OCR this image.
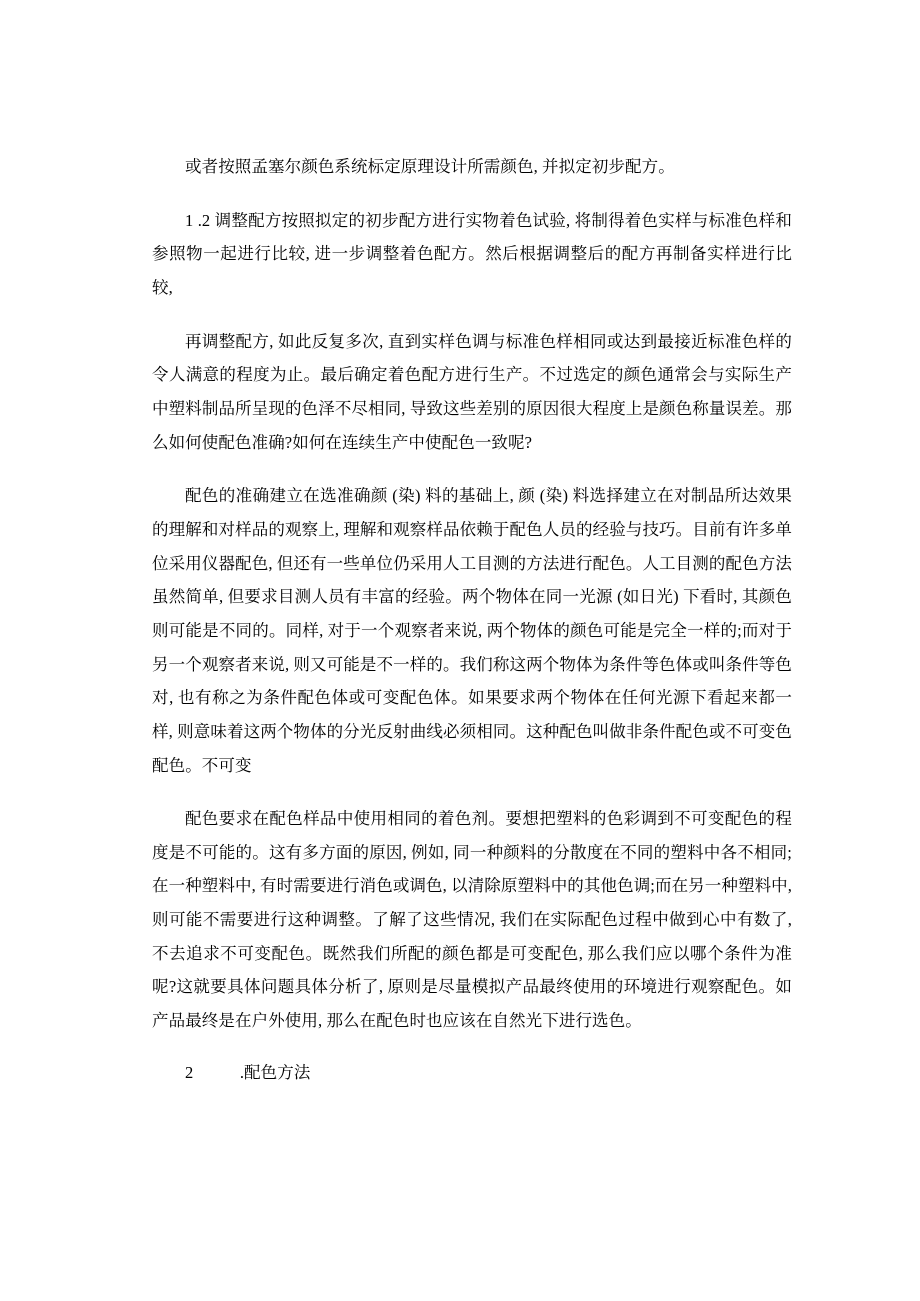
或者按照孟塞尔颜色系统标定原理设计所需颜色, 并拟定初步配方。

1 .2 调整配方按照拟定的初步配方进行实物着色试验, 将制得着色实样与标准色样和参照物一起进行比较, 进一步调整着色配方。然后根据调整后的配方再制备实样进行比较,

再调整配方, 如此反复多次, 直到实样色调与标准色样相同或达到最接近标准色样的令人满意的程度为止。最后确定着色配方进行生产。不过选定的颜色通常会与实际生产中塑料制品所呈现的色泽不尽相同, 导致这些差别的原因很大程度上是颜色称量误差。那么如何使配色准确?如何在连续生产中使配色一致呢?

配色的准确建立在选准确颜 (染) 料的基础上, 颜 (染) 料选择建立在对制品所达效果的理解和对样品的观察上, 理解和观察样品依赖于配色人员的经验与技巧。目前有许多单位采用仪器配色, 但还有一些单位仍采用人工目测的方法进行配色。人工目测的配色方法虽然简单, 但要求目测人员有丰富的经验。两个物体在同一光源 (如日光) 下看时, 其颜色则可能是不同的。同样, 对于一个观察者来说, 两个物体的颜色可能是完全一样的;而对于另一个观察者来说, 则又可能是不一样的。我们称这两个物体为条件等色体或叫条件等色对, 也有称之为条件配色体或可变配色体。如果要求两个物体在任何光源下看起来都一样, 则意味着这两个物体的分光反射曲线必须相同。这种配色叫做非条件配色或不可变色配色。不可变

配色要求在配色样品中使用相同的着色剂。要想把塑料的色彩调到不可变配色的程度是不可能的。这有多方面的原因, 例如, 同一种颜料的分散度在不同的塑料中各不相同;在一种塑料中, 有时需要进行消色或调色, 以清除原塑料中的其他色调;而在另一种塑料中, 则可能不需要进行这种调整。了解了这些情况, 我们在实际配色过程中做到心中有数了, 不去追求不可变配色。既然我们所配的颜色都是可变配色, 那么我们应以哪个条件为准呢?这就要具体问题具体分析了, 原则是尽量模拟产品最终使用的环境进行观察配色。如产品最终是在户外使用, 那么在配色时也应该在自然光下进行选色。

2           .配色方法
